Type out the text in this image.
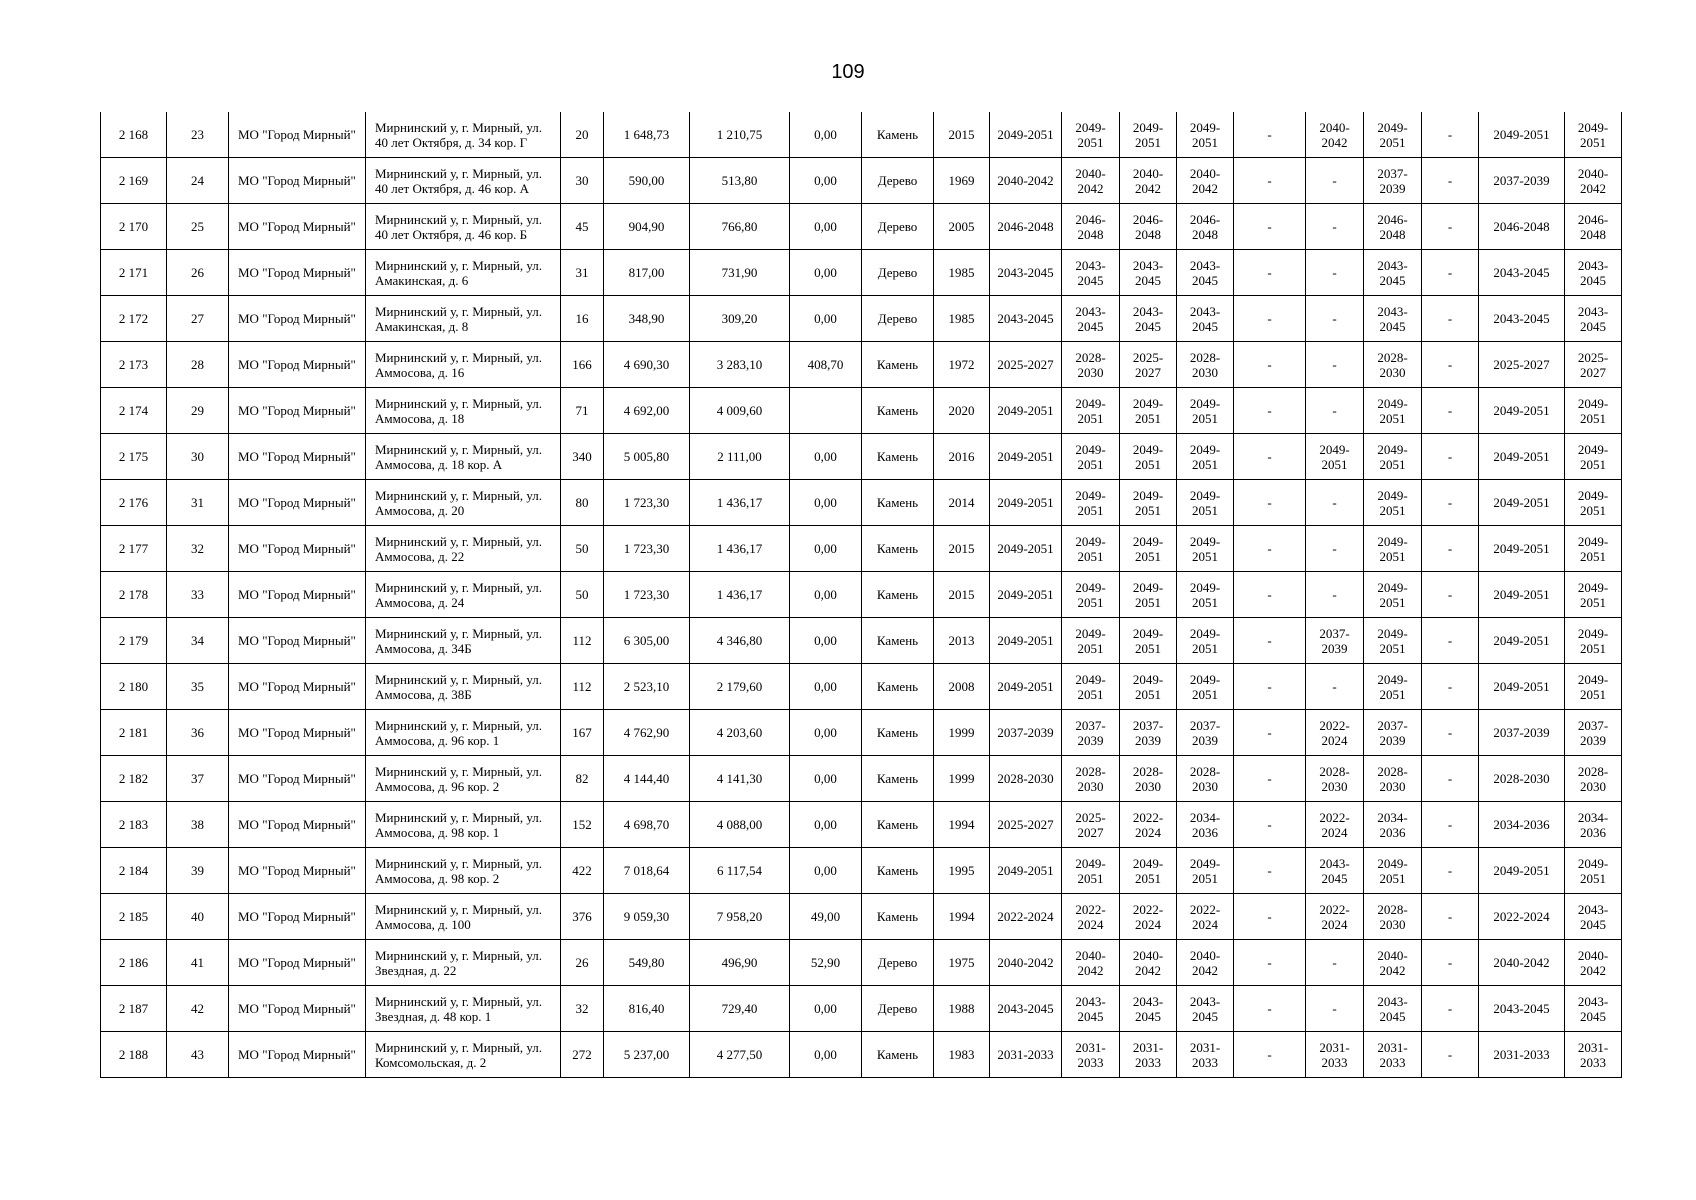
109
2 168	23	МО "Город Мирный"	Мирнинский у, г. Мирный, ул. 40 лет Октября, д. 34 кор. Г	20	1 648,73	1 210,75	0,00	Камень	2015	2049-2051	2049-2051	2049-2051	2049-2051	-	2040-2042	2049-2051	-	2049-2051	2049-2051
2 169	24	МО "Город Мирный"	Мирнинский у, г. Мирный, ул. 40 лет Октября, д. 46 кор. А	30	590,00	513,80	0,00	Дерево	1969	2040-2042	2040-2042	2040-2042	2040-2042	-	-	2037-2039	-	2037-2039	2040-2042
2 170	25	МО "Город Мирный"	Мирнинский у, г. Мирный, ул. 40 лет Октября, д. 46 кор. Б	45	904,90	766,80	0,00	Дерево	2005	2046-2048	2046-2048	2046-2048	2046-2048	-	-	2046-2048	-	2046-2048	2046-2048
2 171	26	МО "Город Мирный"	Мирнинский у, г. Мирный, ул. Амакинская, д. 6	31	817,00	731,90	0,00	Дерево	1985	2043-2045	2043-2045	2043-2045	2043-2045	-	-	2043-2045	-	2043-2045	2043-2045
2 172	27	МО "Город Мирный"	Мирнинский у, г. Мирный, ул. Амакинская, д. 8	16	348,90	309,20	0,00	Дерево	1985	2043-2045	2043-2045	2043-2045	2043-2045	-	-	2043-2045	-	2043-2045	2043-2045
2 173	28	МО "Город Мирный"	Мирнинский у, г. Мирный, ул. Аммосова, д. 16	166	4 690,30	3 283,10	408,70	Камень	1972	2025-2027	2028-2030	2025-2027	2028-2030	-	-	2028-2030	-	2025-2027	2025-2027
2 174	29	МО "Город Мирный"	Мирнинский у, г. Мирный, ул. Аммосова, д. 18	71	4 692,00	4 009,60		Камень	2020	2049-2051	2049-2051	2049-2051	2049-2051	-	-	2049-2051	-	2049-2051	2049-2051
2 175	30	МО "Город Мирный"	Мирнинский у, г. Мирный, ул. Аммосова, д. 18 кор. А	340	5 005,80	2 111,00	0,00	Камень	2016	2049-2051	2049-2051	2049-2051	2049-2051	-	2049-2051	2049-2051	-	2049-2051	2049-2051
2 176	31	МО "Город Мирный"	Мирнинский у, г. Мирный, ул. Аммосова, д. 20	80	1 723,30	1 436,17	0,00	Камень	2014	2049-2051	2049-2051	2049-2051	2049-2051	-	-	2049-2051	-	2049-2051	2049-2051
2 177	32	МО "Город Мирный"	Мирнинский у, г. Мирный, ул. Аммосова, д. 22	50	1 723,30	1 436,17	0,00	Камень	2015	2049-2051	2049-2051	2049-2051	2049-2051	-	-	2049-2051	-	2049-2051	2049-2051
2 178	33	МО "Город Мирный"	Мирнинский у, г. Мирный, ул. Аммосова, д. 24	50	1 723,30	1 436,17	0,00	Камень	2015	2049-2051	2049-2051	2049-2051	2049-2051	-	-	2049-2051	-	2049-2051	2049-2051
2 179	34	МО "Город Мирный"	Мирнинский у, г. Мирный, ул. Аммосова, д. 34Б	112	6 305,00	4 346,80	0,00	Камень	2013	2049-2051	2049-2051	2049-2051	2049-2051	-	2037-2039	2049-2051	-	2049-2051	2049-2051
2 180	35	МО "Город Мирный"	Мирнинский у, г. Мирный, ул. Аммосова, д. 38Б	112	2 523,10	2 179,60	0,00	Камень	2008	2049-2051	2049-2051	2049-2051	2049-2051	-	-	2049-2051	-	2049-2051	2049-2051
2 181	36	МО "Город Мирный"	Мирнинский у, г. Мирный, ул. Аммосова, д. 96 кор. 1	167	4 762,90	4 203,60	0,00	Камень	1999	2037-2039	2037-2039	2037-2039	2037-2039	-	2022-2024	2037-2039	-	2037-2039	2037-2039
2 182	37	МО "Город Мирный"	Мирнинский у, г. Мирный, ул. Аммосова, д. 96 кор. 2	82	4 144,40	4 141,30	0,00	Камень	1999	2028-2030	2028-2030	2028-2030	2028-2030	-	2028-2030	2028-2030	-	2028-2030	2028-2030
2 183	38	МО "Город Мирный"	Мирнинский у, г. Мирный, ул. Аммосова, д. 98 кор. 1	152	4 698,70	4 088,00	0,00	Камень	1994	2025-2027	2025-2027	2022-2024	2034-2036	-	2022-2024	2034-2036	-	2034-2036	2034-2036
2 184	39	МО "Город Мирный"	Мирнинский у, г. Мирный, ул. Аммосова, д. 98 кор. 2	422	7 018,64	6 117,54	0,00	Камень	1995	2049-2051	2049-2051	2049-2051	2049-2051	-	2043-2045	2049-2051	-	2049-2051	2049-2051
2 185	40	МО "Город Мирный"	Мирнинский у, г. Мирный, ул. Аммосова, д. 100	376	9 059,30	7 958,20	49,00	Камень	1994	2022-2024	2022-2024	2022-2024	2022-2024	-	2022-2024	2028-2030	-	2022-2024	2043-2045
2 186	41	МО "Город Мирный"	Мирнинский у, г. Мирный, ул. Звездная, д. 22	26	549,80	496,90	52,90	Дерево	1975	2040-2042	2040-2042	2040-2042	2040-2042	-	-	2040-2042	-	2040-2042	2040-2042
2 187	42	МО "Город Мирный"	Мирнинский у, г. Мирный, ул. Звездная, д. 48 кор. 1	32	816,40	729,40	0,00	Дерево	1988	2043-2045	2043-2045	2043-2045	2043-2045	-	-	2043-2045	-	2043-2045	2043-2045
2 188	43	МО "Город Мирный"	Мирнинский у, г. Мирный, ул. Комсомольская, д. 2	272	5 237,00	4 277,50	0,00	Камень	1983	2031-2033	2031-2033	2031-2033	2031-2033	-	2031-2033	2031-2033	-	2031-2033	2031-2033
